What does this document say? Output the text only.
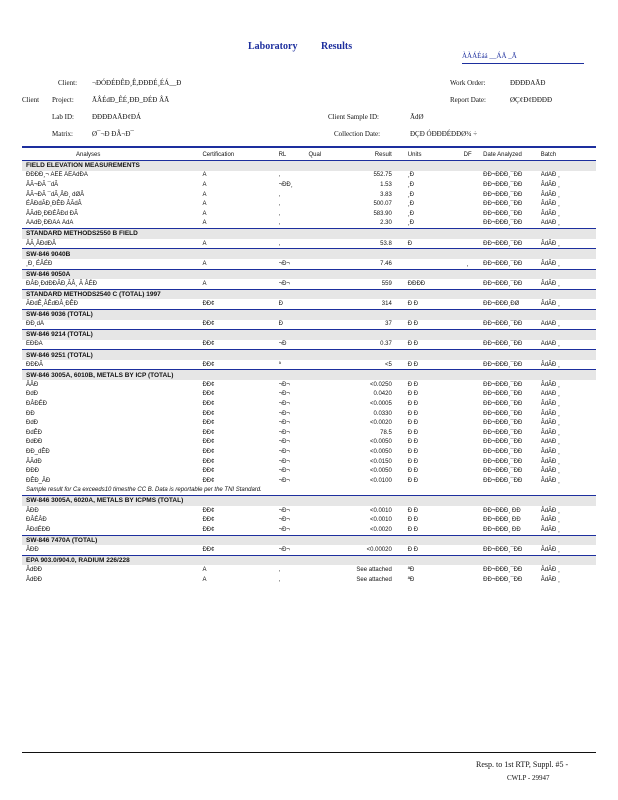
Laboratory Results
ÀÀÁÉáá __ÁÄ _Ã
Client: ¬ÐÓÐÉÐÊÐ¸Ê,ÐÐÐÉ¸ÉÁ__Ð
Client Project:	ÃÂÉdÐ_ÊÉ¸ÐÐ_ÐÉÐ ÂÃ
Lab ID:	ÐÐÐÐAÃÐ¢ÐÁ
Matrix:	Ø¯¬Ð ÐÂ¬Ð¯
Work Order:	ÐÐÐÐAÃÐ
Report Date:	ØÇ¢Ð¢ÐÐÐÐ
Client Sample ID:	ÃdØ
Collection Date:	ÐÇÐ ÓÐÐÐÉÐÐØ¾ ÷
Analyses	Certification	RL	Qual	Result	Units	DF	Date Analyzed	Batch
FIELD ELEVATION MEASUREMENTS								
ÐÐÐÐ¸¬ ÃÊÉ ÂÉÂdÐÃ	A	,		552.75	¸Ð		ÐÐ¬ÐÐÐ¸¯ÐÐ	ÂdÃÐ ¸
ÂÃ¬ÐÃ ¯dÃ	A	¬ÐÐ¸		1.53	¸Ð		ÐÐ¬ÐÐÐ¸¯ÐÐ	ÂdÃÐ ¸
ÂÃ¬ÐÃ ¯dÃ¸ÂÐ¸ dØÂ	A	,		3.83	¸Ð		ÐÐ¬ÐÐÐ¸¯ÐÐ	ÂdÃÐ ¸
ÉÂÐdÃÐ¸ÐÊÐ ÂÃdÂ	A	,		500.07	¸Ð		ÐÐ¬ÐÐÐ¸¯ÐÐ	ÂdÃÐ ¸
ÂÃdÐ¸ÐÐÉÂÐd ÐÃ	A	,		583.90	¸Ð		ÐÐ¬ÐÐÐ¸¯ÐÐ	ÂdÃÐ ¸
ÂÃdÐ¸ÐÐÂÃ ÂdÃ	A	,		2.30	¸Ð		ÐÐ¬ÐÐÐ¸¯ÐÐ	ÂdÃÐ ¸
STANDARD METHODS2550 B FIELD								
ÂÃ¸ÂÐdÐÂ	A	,		53.8	Ð		ÐÐ¬ÐÐÐ¸¯ÐÐ	ÂdÃÐ ¸
SW-846 9040B								
¸Ð¸ ÉÂÉÐ	A	¬Ð¬		7.46		¸	ÐÐ¬ÐÐÐ¸¯ÐÐ	ÂdÃÐ ¸
SW-846 9050A								
ÐÂÐ¸ÐdÐÐÃÐ¸ÃÂ¸ Ã ÂÉÐ	A	¬Ð¬		559	ÐÐÐÐ		ÐÐ¬ÐÐÐ¸¯ÐÐ	ÂdÃÐ ¸
STANDARD METHODS2540 C (TOTAL) 1997								
ÃÐdÊ¸ÂÊdÐÂ¸ÐÊÐ	ÐÐ¢	Ð		314	Ð Ð		ÐÐ¬ÐÐÐ¸ÐØ	ÂdÃÐ ¸
SW-846 9036 (TOTAL)								
ÐÐ¸dÂ	ÐÐ¢	Ð		37	Ð Ð		ÐÐ¬ÐÐÐ¸¯ÐÐ	ÂdÃÐ ¸
SW-846 9214 (TOTAL)								
ÉÐÐÃ	ÐÐ¢	¬Ð		0.37	Ð Ð		ÐÐ¬ÐÐÐ¸¯ÐÐ	ÂdÃÐ ¸
SW-846 9251 (TOTAL)								
ÐÐÐÃ	ÐÐ¢	ª		<5	Ð Ð		ÐÐ¬ÐÐÐ¸¯ÐÐ	ÂdÃÐ ¸
SW-846 3005A, 6010B, METALS BY ICP (TOTAL)								
ÂÂÐ	ÐÐ¢	¬Ð¬		<0.0250	Ð Ð		ÐÐ¬ÐÐÐ¸¯ÐÐ	ÂdÃÐ ¸
ÐdÐ	ÐÐ¢	¬Ð¬		0.0420	Ð Ð		ÐÐ¬ÐÐÐ¸¯ÐÐ	ÂdÃÐ ¸
ÐÂÐÉÐ	ÐÐ¢	¬Ð¬		<0.0005	Ð Ð		ÐÐ¬ÐÐÐ¸¯ÐÐ	ÂdÃÐ ¸
ÐÐ	ÐÐ¢	¬Ð¬		0.0330	Ð Ð		ÐÐ¬ÐÐÐ¸¯ÐÐ	ÂdÃÐ ¸
ÐdÐ	ÐÐ¢	¬Ð¬		<0.0020	Ð Ð		ÐÐ¬ÐÐÐ¸¯ÐÐ	ÂdÃÐ ¸
ÐdÊÐ	ÐÐ¢	¬Ð¬		78.5	Ð Ð		ÐÐ¬ÐÐÐ¸¯ÐÐ	ÂdÃÐ ¸
ÐdÐÐ	ÐÐ¢	¬Ð¬		<0.0050	Ð Ð		ÐÐ¬ÐÐÐ¸¯ÐÐ	ÂdÃÐ ¸
ÐÐ_dÊÐ	ÐÐ¢	¬Ð¬		<0.0050	Ð Ð		ÐÐ¬ÐÐÐ¸¯ÐÐ	ÂdÃÐ ¸
ÂÃdÐ	ÐÐ¢	¬Ð¬		<0.0150	Ð Ð		ÐÐ¬ÐÐÐ¸¯ÐÐ	ÂdÃÐ ¸
ÐÐÐ	ÐÐ¢	¬Ð¬		<0.0050	Ð Ð		ÐÐ¬ÐÐÐ¸¯ÐÐ	ÂdÃÐ ¸
ÐÊÐ_ÂÐ	ÐÐ¢	¬Ð¬		<0.0100	Ð Ð		ÐÐ¬ÐÐÐ¸¯ÐÐ	ÂdÃÐ ¸
Sample result for Ca exceeds10 timesthe CC B. Data is reportable per the TNI Standard.								
SW-846 3005A, 6020A, METALS BY ICPMS (TOTAL)								
ÂÐÐ	ÐÐ¢	¬Ð¬		<0.0010	Ð Ð		ÐÐ¬ÐÐÐ¸ ÐÐ	ÂdÃÐ ¸
ÐÂÉÂÐ	ÐÐ¢	¬Ð¬		<0.0010	Ð Ð		ÐÐ¬ÐÐÐ¸ ÐÐ	ÂdÃÐ ¸
ÂÐdÉÐÐ	ÐÐ¢	¬Ð¬		<0.0020	Ð Ð		ÐÐ¬ÐÐÐ¸ ÐÐ	ÂdÃÐ ¸
SW-846 7470A (TOTAL)								
ÂÐÐ	ÐÐ¢	¬Ð¬		<0.00020	Ð Ð		ÐÐ¬ÐÐÐ¸¯ÐÐ	ÂdÃÐ ¸
EPA 903.0/904.0, RADIUM 226/228								
ÂdÐÐ	A	,		See attached	ªÐ		ÐÐ¬ÐÐÐ¸¯ÐÐ	ÂdÃÐ ¸
ÂdÐÐ	A	,		See attached	ªÐ		ÐÐ¬ÐÐÐ¸¯ÐÐ	ÂdÃÐ ¸
Resp. to 1st RTP, Suppl. #5 -
CWLP - 29947
